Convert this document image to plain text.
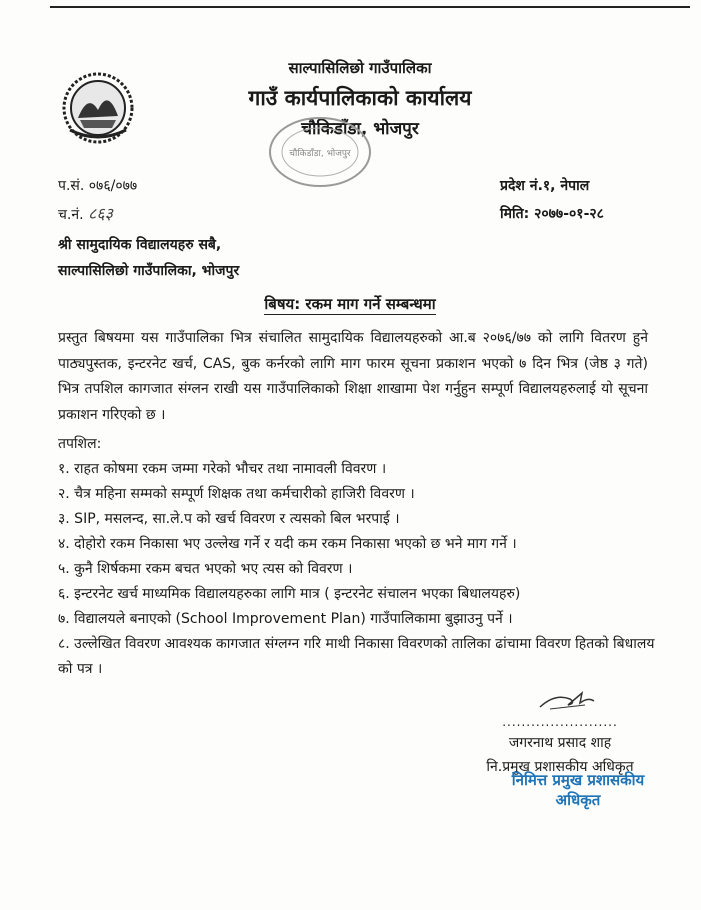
साल्पासिलिछो गाउँपालिका
गाउँ कार्यपालिकाको कार्यालय
चौकिडाँडा, भोजपुर
चौकिडाँडा, भोजपुर
प.सं. ०७६/०७७
च.नं. ८६३
प्रदेश नं.१, नेपाल
मिति: २०७७-०१-२८
श्री सामुदायिक विद्यालयहरु सबै,
साल्पासिलिछो गाउँपालिका, भोजपुर
बिषय: रकम माग गर्ने सम्बन्धमा
प्रस्तुत बिषयमा यस गाउँपालिका भित्र संचालित सामुदायिक विद्यालयहरुको आ.ब २०७६/७७ को लागि वितरण हुने पाठ्यपुस्तक, इन्टरनेट खर्च, CAS, बुक कर्नरको लागि माग फारम सूचना प्रकाशन भएको ७ दिन भित्र (जेष्ठ ३ गते) भित्र तपशिल कागजात संग्लन राखी यस गाउँपालिकाको शिक्षा शाखामा पेश गर्नुहुन सम्पूर्ण विद्यालयहरुलाई यो सूचना प्रकाशन गरिएको छ ।
तपशिल:
१. राहत कोषमा रकम जम्मा गरेको भौचर तथा नामावली विवरण ।
२. चैत्र महिना सम्मको सम्पूर्ण शिक्षक तथा कर्मचारीको हाजिरी विवरण ।
३. SIP, मसलन्द, सा.ले.प को खर्च विवरण र त्यसको बिल भरपाई ।
४. दोहोरो रकम निकासा भए उल्लेख गर्ने र यदी कम रकम निकासा भएको छ भने माग गर्ने ।
५. कुनै शिर्षकमा रकम बचत भएको भए त्यस को विवरण ।
६. इन्टरनेट खर्च माध्यमिक विद्यालयहरुका लागि मात्र ( इन्टरनेट संचालन भएका बिधालयहरु)
७. विद्यालयले बनाएको (School Improvement Plan) गाउँपालिकामा बुझाउनु पर्ने ।
८. उल्लेखित विवरण आवश्यक कागजात संग्लग्न गरि माथी निकासा विवरणको तालिका ढांचामा विवरण हितको बिधालय को पत्र ।
........................
जगरनाथ प्रसाद शाह
नि.प्रमुख प्रशासकीय अधिकृत
निमित्त प्रमुख प्रशासकीय अधिकृत
